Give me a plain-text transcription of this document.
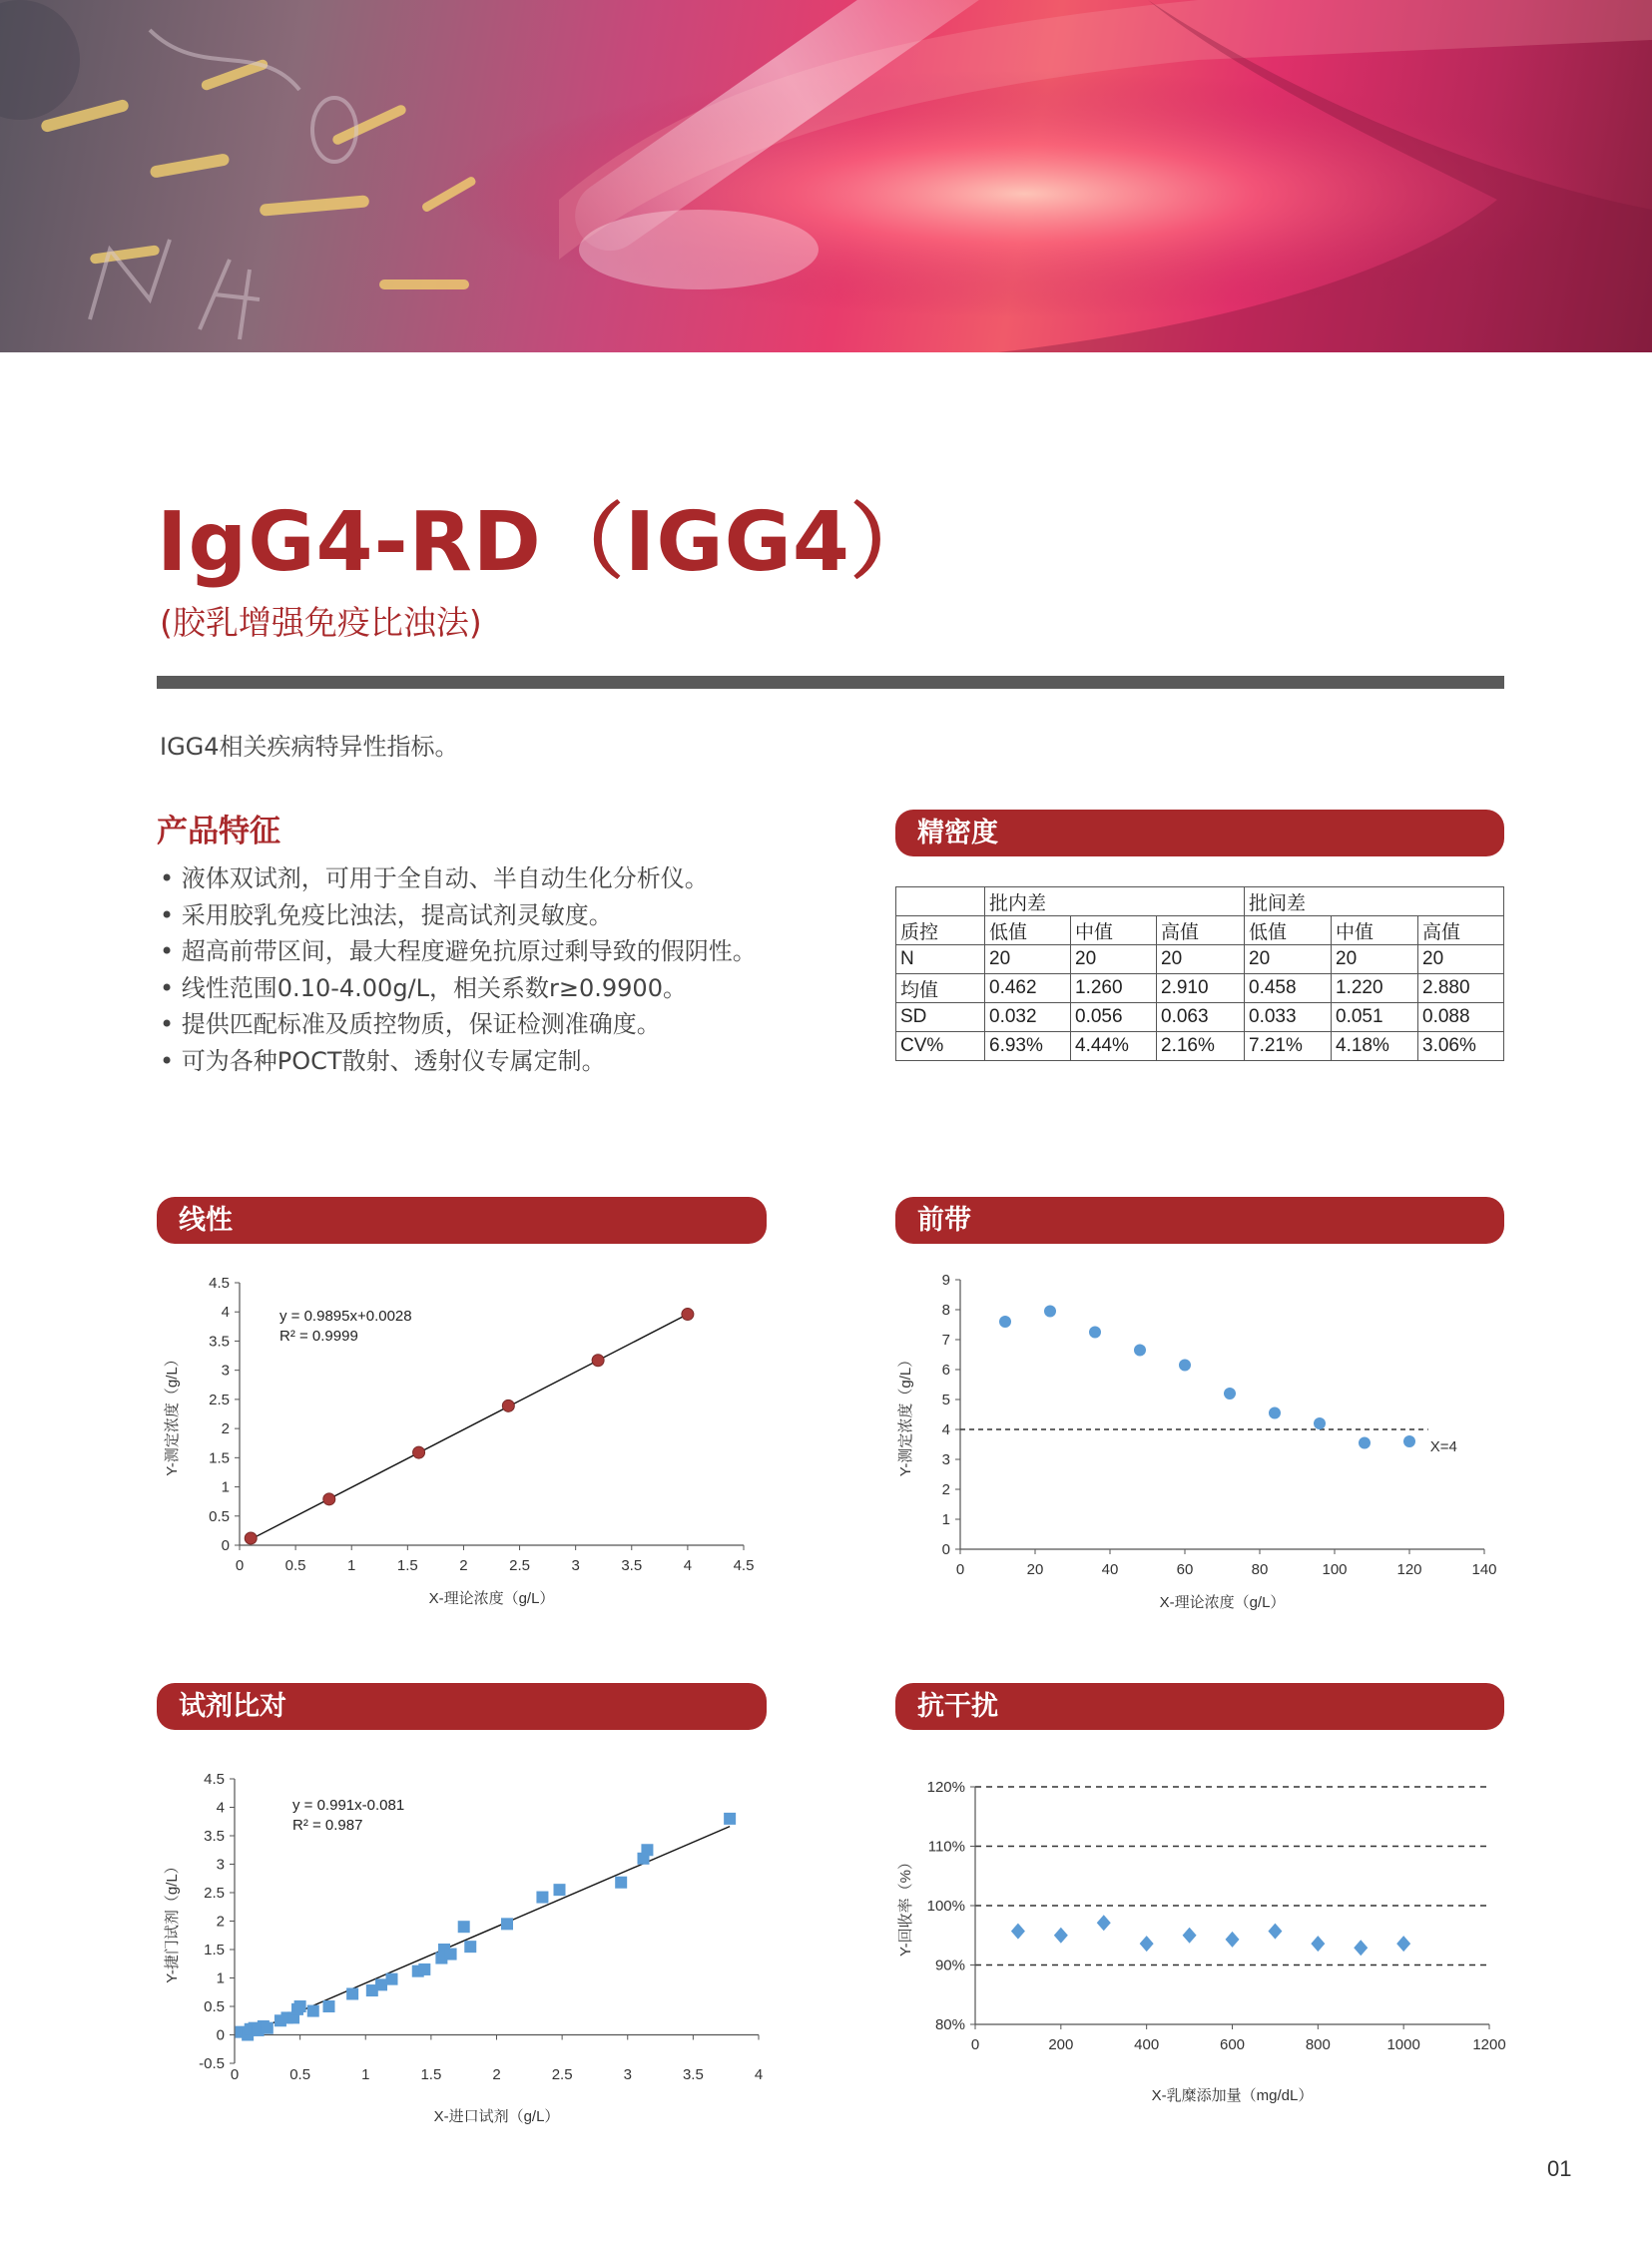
IgG4-RD（IGG4）
(胶乳增强免疫比浊法)
IGG4相关疾病特异性指标。
产品特征
• 液体双试剂，可用于全自动、半自动生化分析仪。
• 采用胶乳免疫比浊法，提高试剂灵敏度。
• 超高前带区间，最大程度避免抗原过剩导致的假阴性。
• 线性范围0.10-4.00g/L，相关系数r≥0.9900。
• 提供匹配标准及质控物质，保证检测准确度。
• 可为各种POCT散射、透射仪专属定制。
精密度
	批内差			批间差		
质控	低值	中值	高值	低值	中值	高值
N	20	20	20	20	20	20
均值	0.462	1.260	2.910	0.458	1.220	2.880
SD	0.032	0.056	0.063	0.033	0.051	0.088
CV%	6.93%	4.44%	2.16%	7.21%	4.18%	3.06%
线性	前带
试剂比对	抗干扰
0
0.5
1
1.5
2
2.5
3
3.5
4
4.5
0	0.5	1	1.5	2	2.5	3	3.5	4	4.5
X-理论浓度（g/L）
Y-测定浓度（g/L）
y = 0.9895x+0.0028
R² = 0.9999
0
1
2
3
4
5
6
7
8
9
0	20	40	60	80	100	120	140
X-理论浓度（g/L）
Y-测定浓度（g/L）	X=4
-0.5
0
0.5
1
1.5
2
2.5
3
3.5
4
4.5
0	0.5	1	1.5	2	2.5	3	3.5	4
X-进口试剂（g/L）
Y-捷门试剂（g/L）
y = 0.991x-0.081
R² = 0.987
80%
90%
100%
110%
120%
0	200	400	600	800	1000	1200
X-乳糜添加量（mg/dL）
Y-回收率（%）
01
